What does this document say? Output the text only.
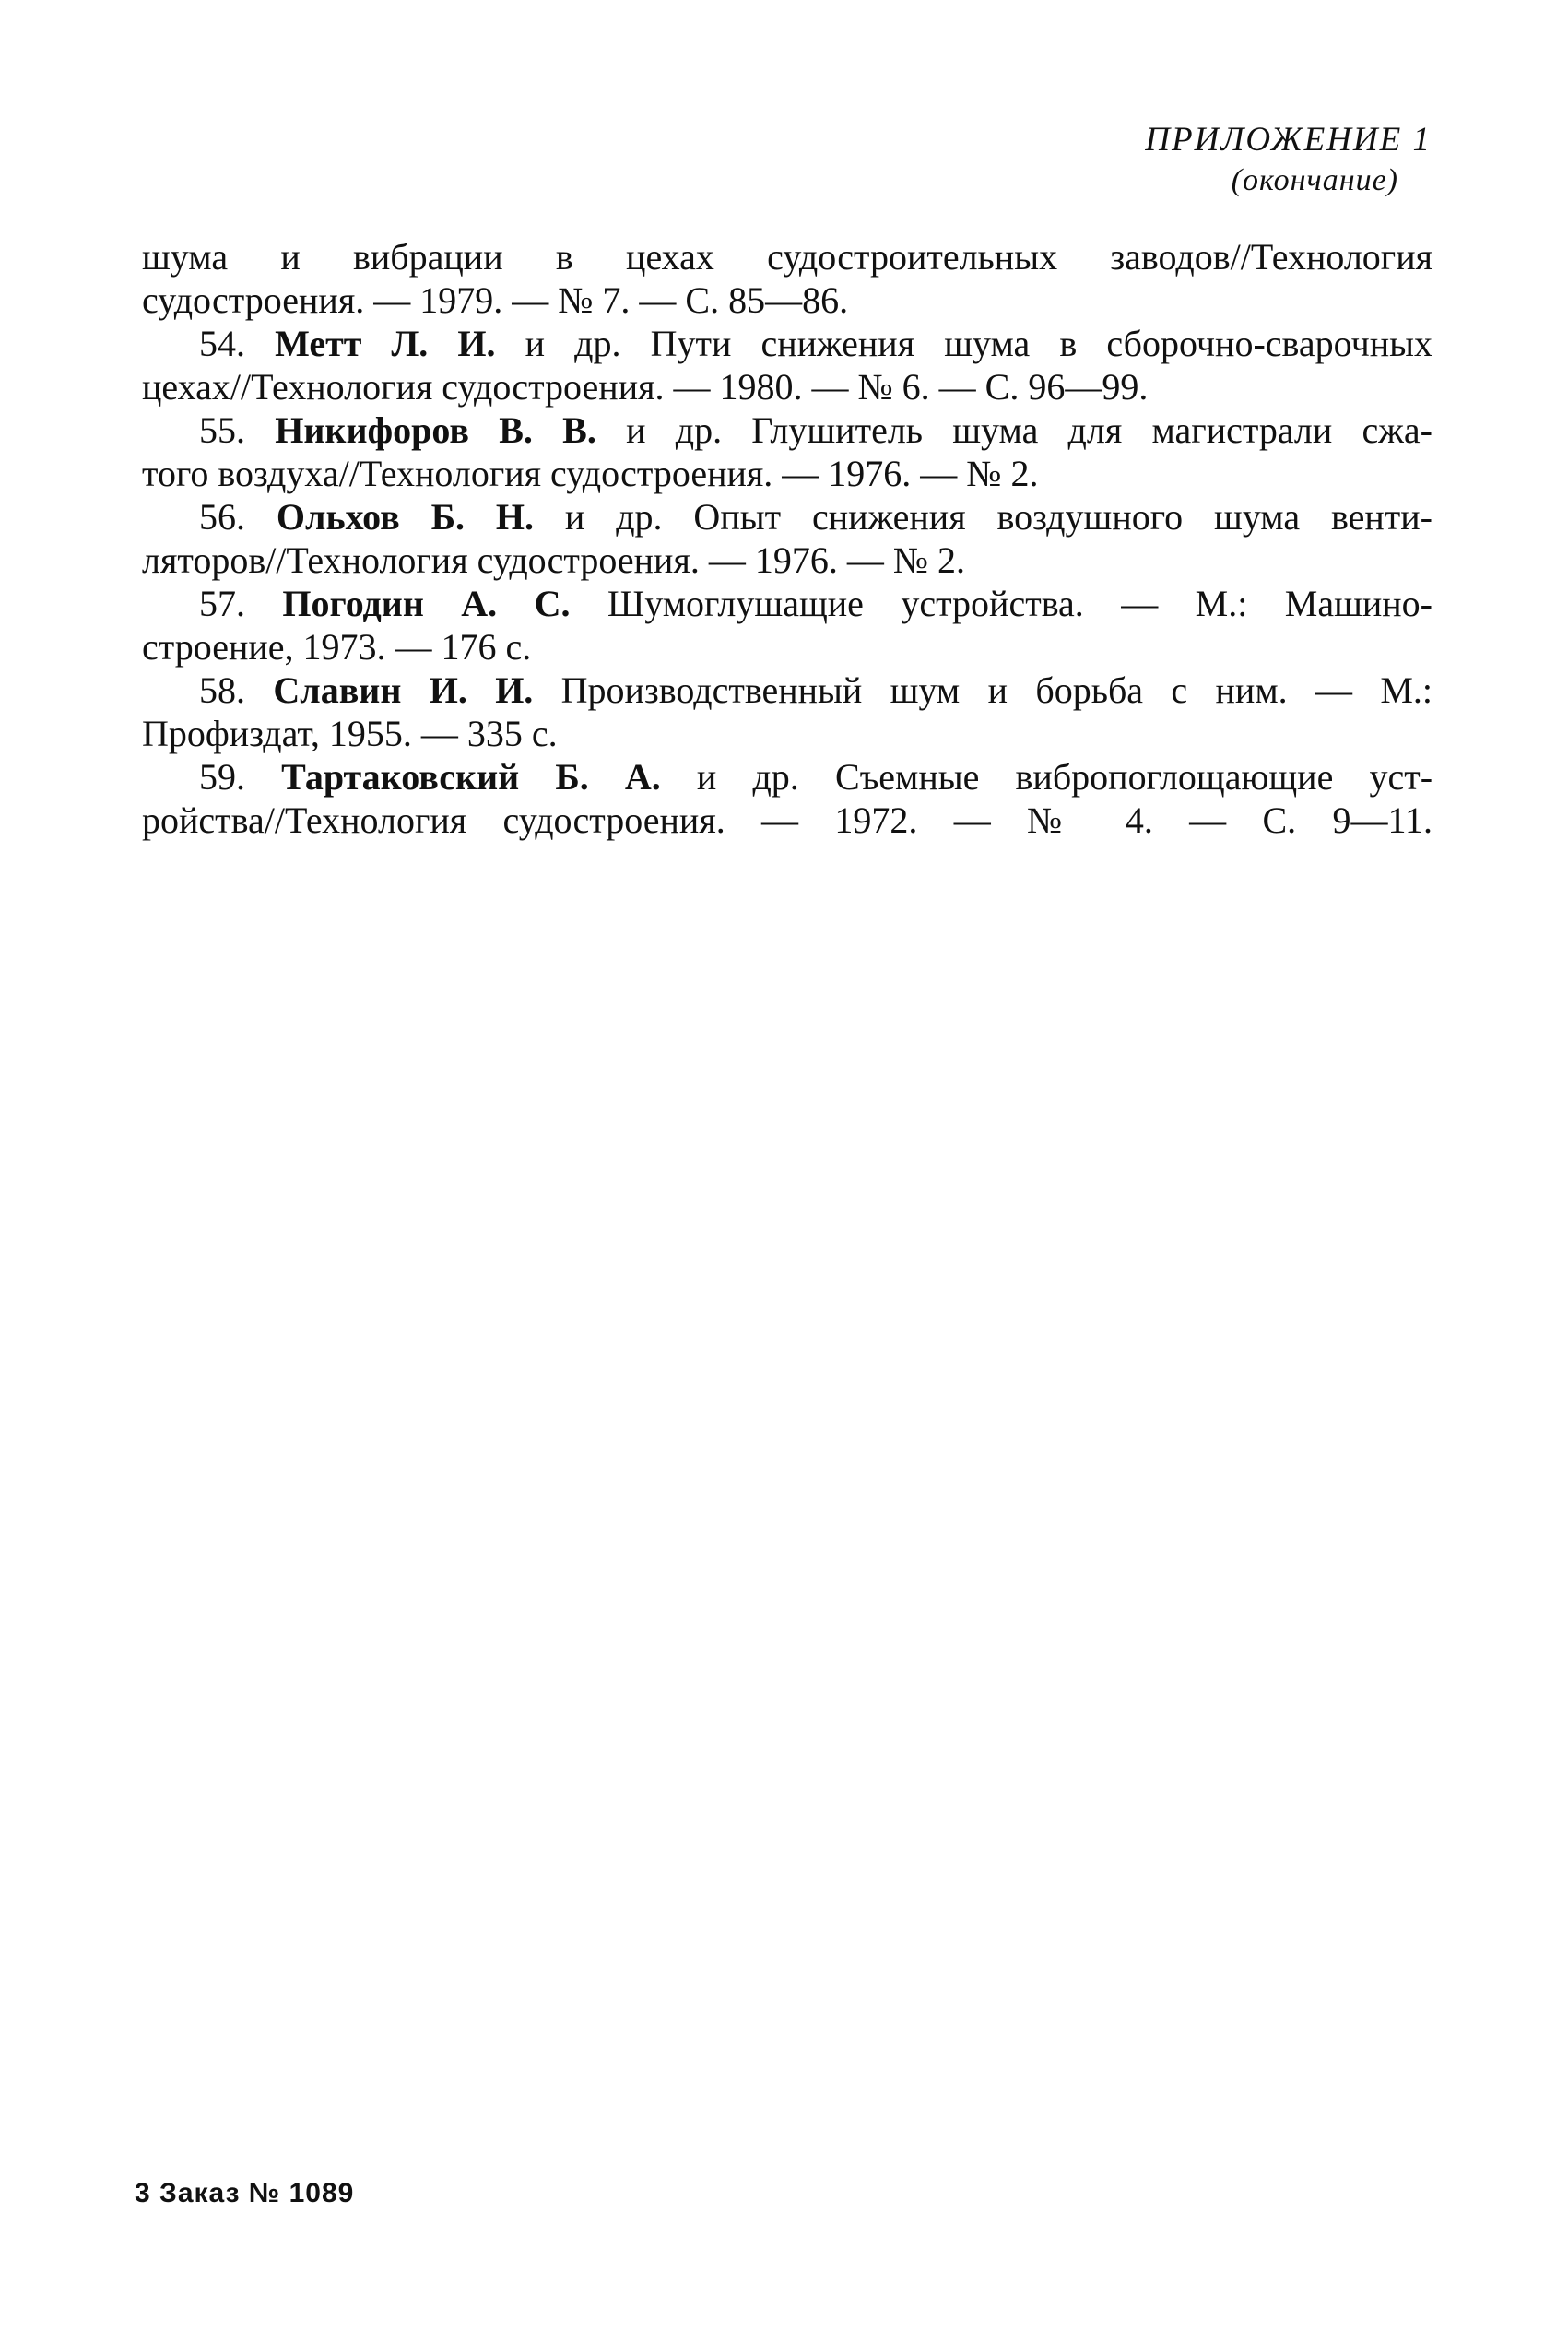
ПРИЛОЖЕНИЕ 1
(окончание)
шума и вибрации в цехах судостроительных заводов//Технология
судостроения. — 1979. — № 7. — С. 85—86.
54. Метт Л. И. и др. Пути снижения шума в сборочно-сварочных
цехах//Технология судостроения. — 1980. — № 6. — С. 96—99.
55. Никифоров В. В. и др. Глушитель шума для магистрали сжа-
того воздуха//Технология судостроения. — 1976. — № 2.
56. Ольхов Б. Н. и др. Опыт снижения воздушного шума венти-
ляторов//Технология судостроения. — 1976. — № 2.
57. Погодин А. С. Шумоглушащие устройства. — М.: Машино-
строение, 1973. — 176 с.
58. Славин И. И. Производственный шум и борьба с ним. — М.:
Профиздат, 1955. — 335 с.
59. Тартаковский Б. А. и др. Съемные вибропоглощающие уст-
ройства//Технология судостроения. — 1972. — № 4. — С. 9—11.
3 Заказ № 1089
